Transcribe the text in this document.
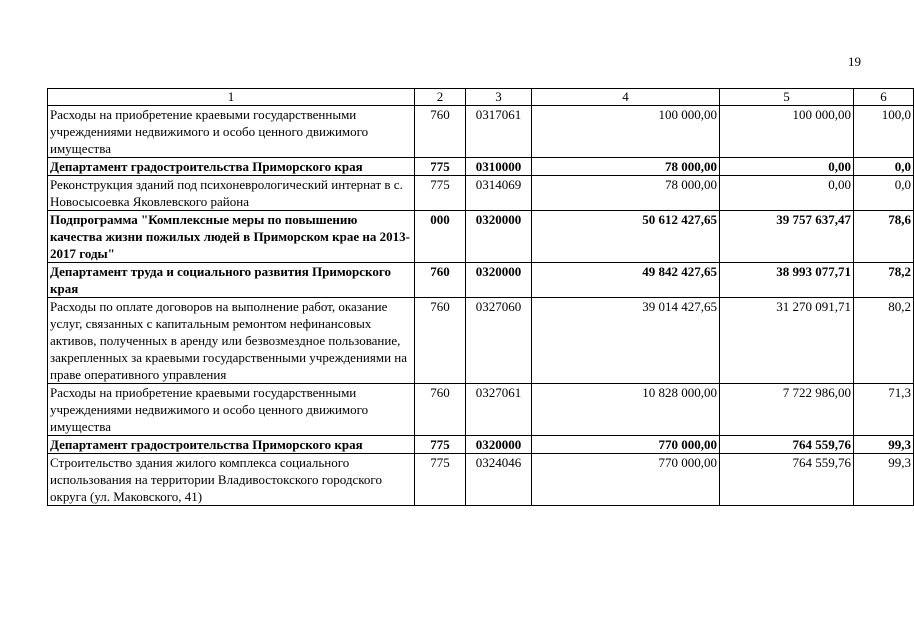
19
1	2	3	4	5	6
Расходы на приобретение краевыми государственными учреждениями недвижимого и особо ценного движимого имущества	760	0317061	100 000,00	100 000,00	100,0
Департамент градостроительства Приморского края	775	0310000	78 000,00	0,00	0,0
Реконструкция зданий под психоневрологический интернат в с. Новосысоевка Яковлевского района	775	0314069	78 000,00	0,00	0,0
Подпрограмма "Комплексные меры по повышению качества жизни пожилых людей в Приморском крае на 2013-2017 годы"	000	0320000	50 612 427,65	39 757 637,47	78,6
Департамент труда и социального развития Приморского края	760	0320000	49 842 427,65	38 993 077,71	78,2
Расходы по оплате договоров на выполнение работ, оказание услуг, связанных с капитальным ремонтом нефинансовых активов, полученных в аренду или безвозмездное пользование, закрепленных за краевыми государственными учреждениями на праве оперативного управления	760	0327060	39 014 427,65	31 270 091,71	80,2
Расходы на приобретение краевыми государственными учреждениями недвижимого и особо ценного движимого имущества	760	0327061	10 828 000,00	7 722 986,00	71,3
Департамент градостроительства Приморского края	775	0320000	770 000,00	764 559,76	99,3
Строительство здания жилого комплекса социального использования на территории Владивостокского городского округа (ул. Маковского, 41)	775	0324046	770 000,00	764 559,76	99,3
